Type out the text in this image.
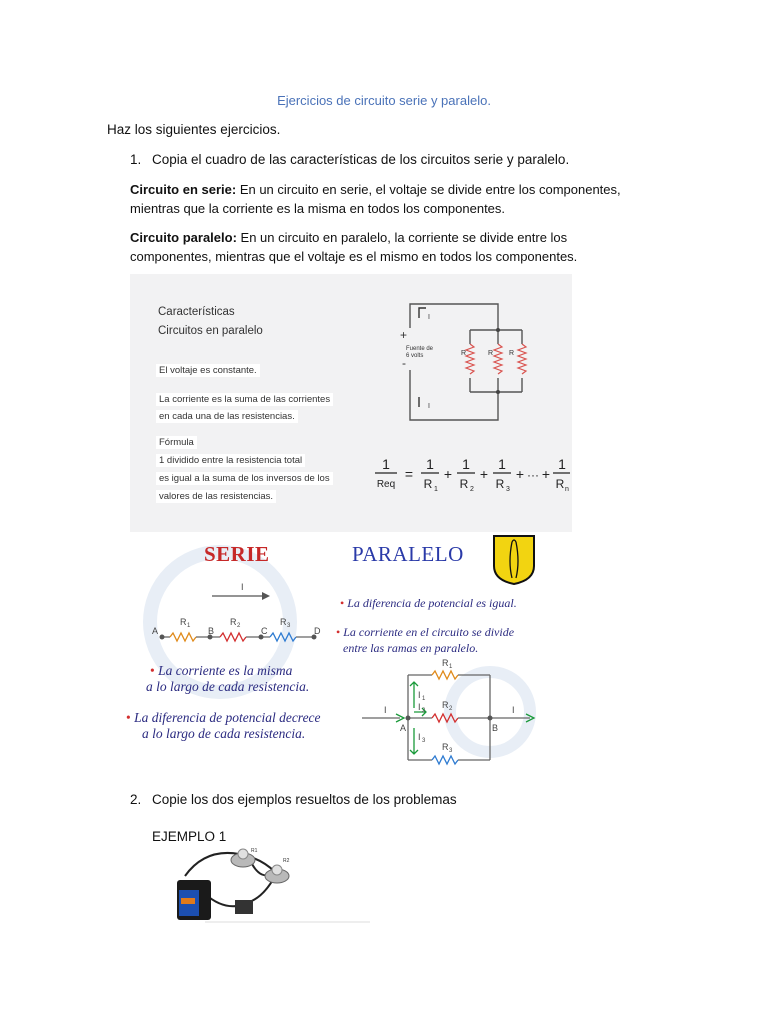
Ejercicios de circuito serie y paralelo.
Haz los siguientes ejercicios.
1. Copia el cuadro de las características de los circuitos serie y paralelo.
Circuito en serie: En un circuito en serie, el voltaje se divide entre los componentes, mientras que la corriente es la misma en todos los componentes.
Circuito paralelo: En un circuito en paralelo, la corriente se divide entre los componentes, mientras que el voltaje es el mismo en todos los componentes.
Características
Circuitos en paralelo
El voltaje es constante.
La corriente es la suma de las corrientes
en cada una de las resistencias.
Fórmula
1 dividido entre la resistencia total
es igual a la suma de los inversos de los
valores de las resistencias.
+
-
Fuente de
6 volts
I
I
R	R R
1
Req
=
1
R 1
+
1
R 2
+
1
R 3
+ ··· +
1
R n
I
A	B	C	D
R 1	R 2	R 3
I	I
A	B
I 1
I 2
I 3
R 1
R 2
R 3
SERIE	PARALELO
• La diferencia de potencial es igual.
• La corriente en el circuito se divide
entre las ramas en paralelo.
• La corriente es la misma
a lo largo de cada resistencia.
• La diferencia de potencial decrece
a lo largo de cada resistencia.
2. Copie los dos ejemplos resueltos de los problemas
EJEMPLO 1
R1
R2
